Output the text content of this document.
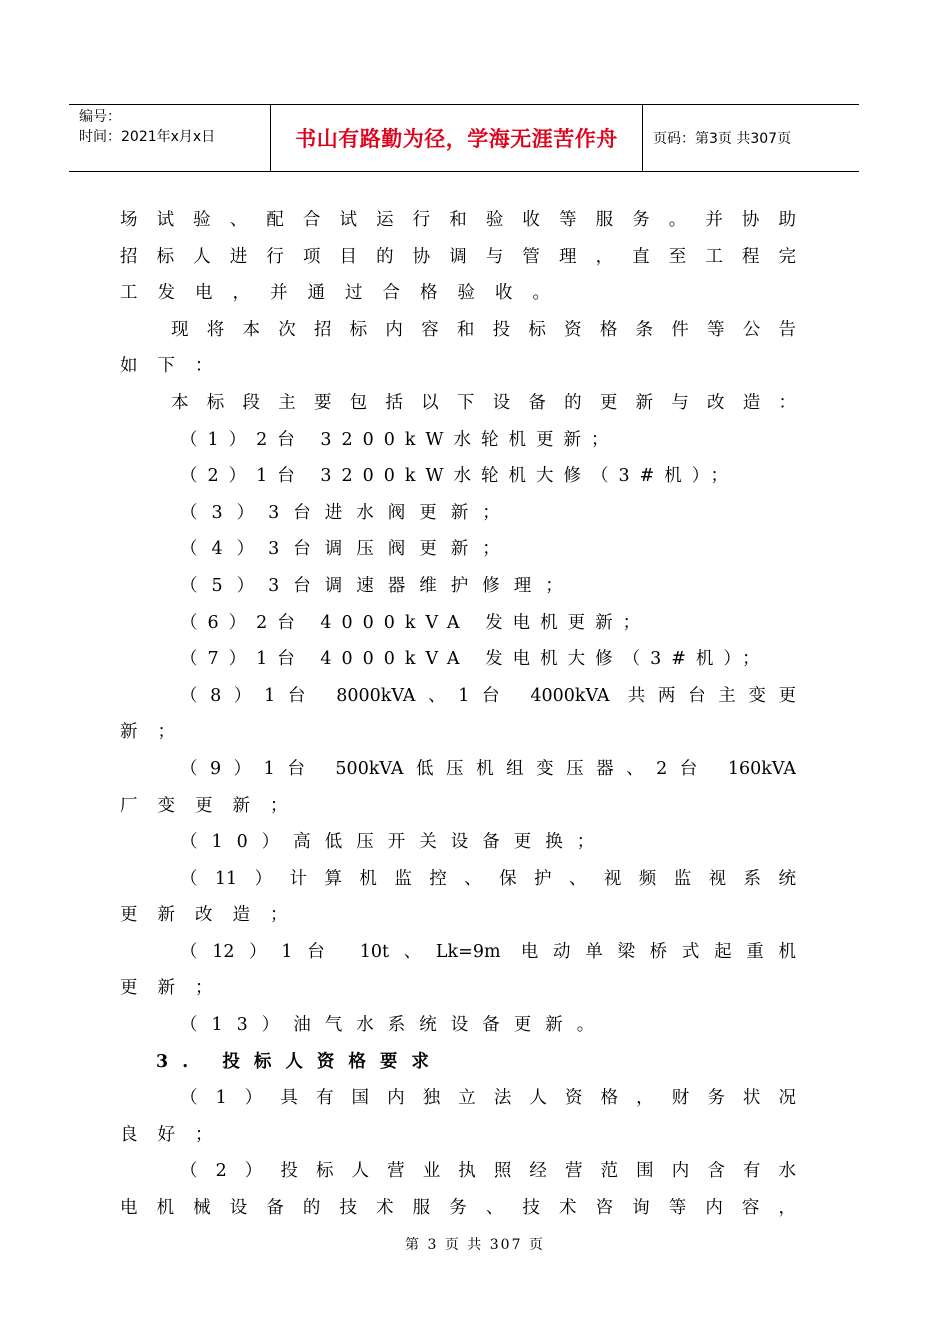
编号：
时间：2021年x月x日	书山有路勤为径，学海无涯苦作舟	页码：第3页 共307页
场试验、配合试运行和验收等服务。并协助
招标人进行项目的协调与管理，直至工程完
工发电，并通过合格验收。
现将本次招标内容和投标资格条件等公告
如下：
本标段主要包括以下设备的更新与改造：
（1）2台 3200kW水轮机更新；
（2）1台 3200kW水轮机大修（3#机）；
（3）3台进水阀更新；
（4）3台调压阀更新；
（5）3台调速器维护修理；
（6）2台 4000kVA 发电机更新；
（7）1台 4000kVA 发电机大修（3#机）；
（8）1台 8000kVA、1台 4000kVA 共两台主变更
新；
（9）1台 500kVA低压机组变压器、2台 160kVA
厂变更新；
（10）高低压开关设备更换；
（11）计算机监控、保护、视频监视系统
更新改造；
（12）1台 10t、Lk=9m 电动单梁桥式起重机
更新；
（13）油气水系统设备更新。
3. 投标人资格要求
（1）具有国内独立法人资格，财务状况
良好；
（2）投标人营业执照经营范围内含有水
电机械设备的技术服务、技术咨询等内容，
第 3 页 共 307 页
